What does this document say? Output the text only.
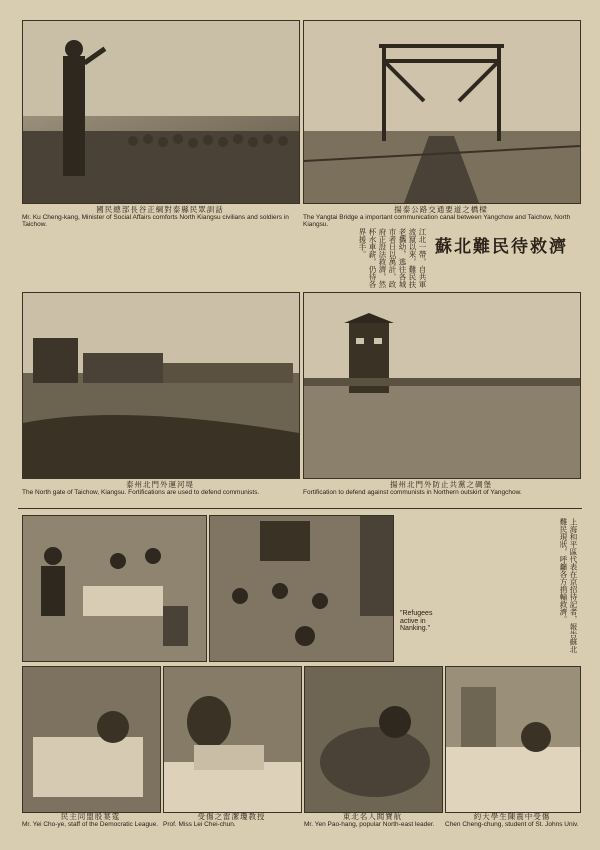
國民總部長谷正綱對泰縣民眾訓話
Mr. Ku Cheng-kang, Minister of Social Affairs comforts North Kiangsu civilians and soldiers in Taichow.
揚泰公路交通要道之橋樑
The Yangtai Bridge a important communication canal between Yangchow and Taichow, North Kiangsu.
江北一帶，自共軍流竄以來，難民扶老攜幼，逃往各城市者日以萬計，政府正設法救濟，然杯水車薪，仍待各界援手。	蘇北難民待救濟
泰州北門外運河堤
The North gate of Taichow, Kiangsu. Fortifications are used to defend communists.
揚州北門外防止共黨之碉堡
Fortification to defend against communists in Northern outskirt of Yangchow.
上海和平區代表在京招待記者，報告蘇北難民現狀，呼籲各方捐輸救濟。
"Refugees active in Nanking."
民主同盟殷葉霆
Mr. Yei Cho-ye, staff of the Democratic League.
受傷之雷潔瓊教授
Prof. Miss Lei Chei-chun.
東北名人閻寶航
Mr. Yen Pao-hang, popular North-east leader.
約大學生陳震中受傷
Chen Cheng-chung, student of St. Johns Univ.
